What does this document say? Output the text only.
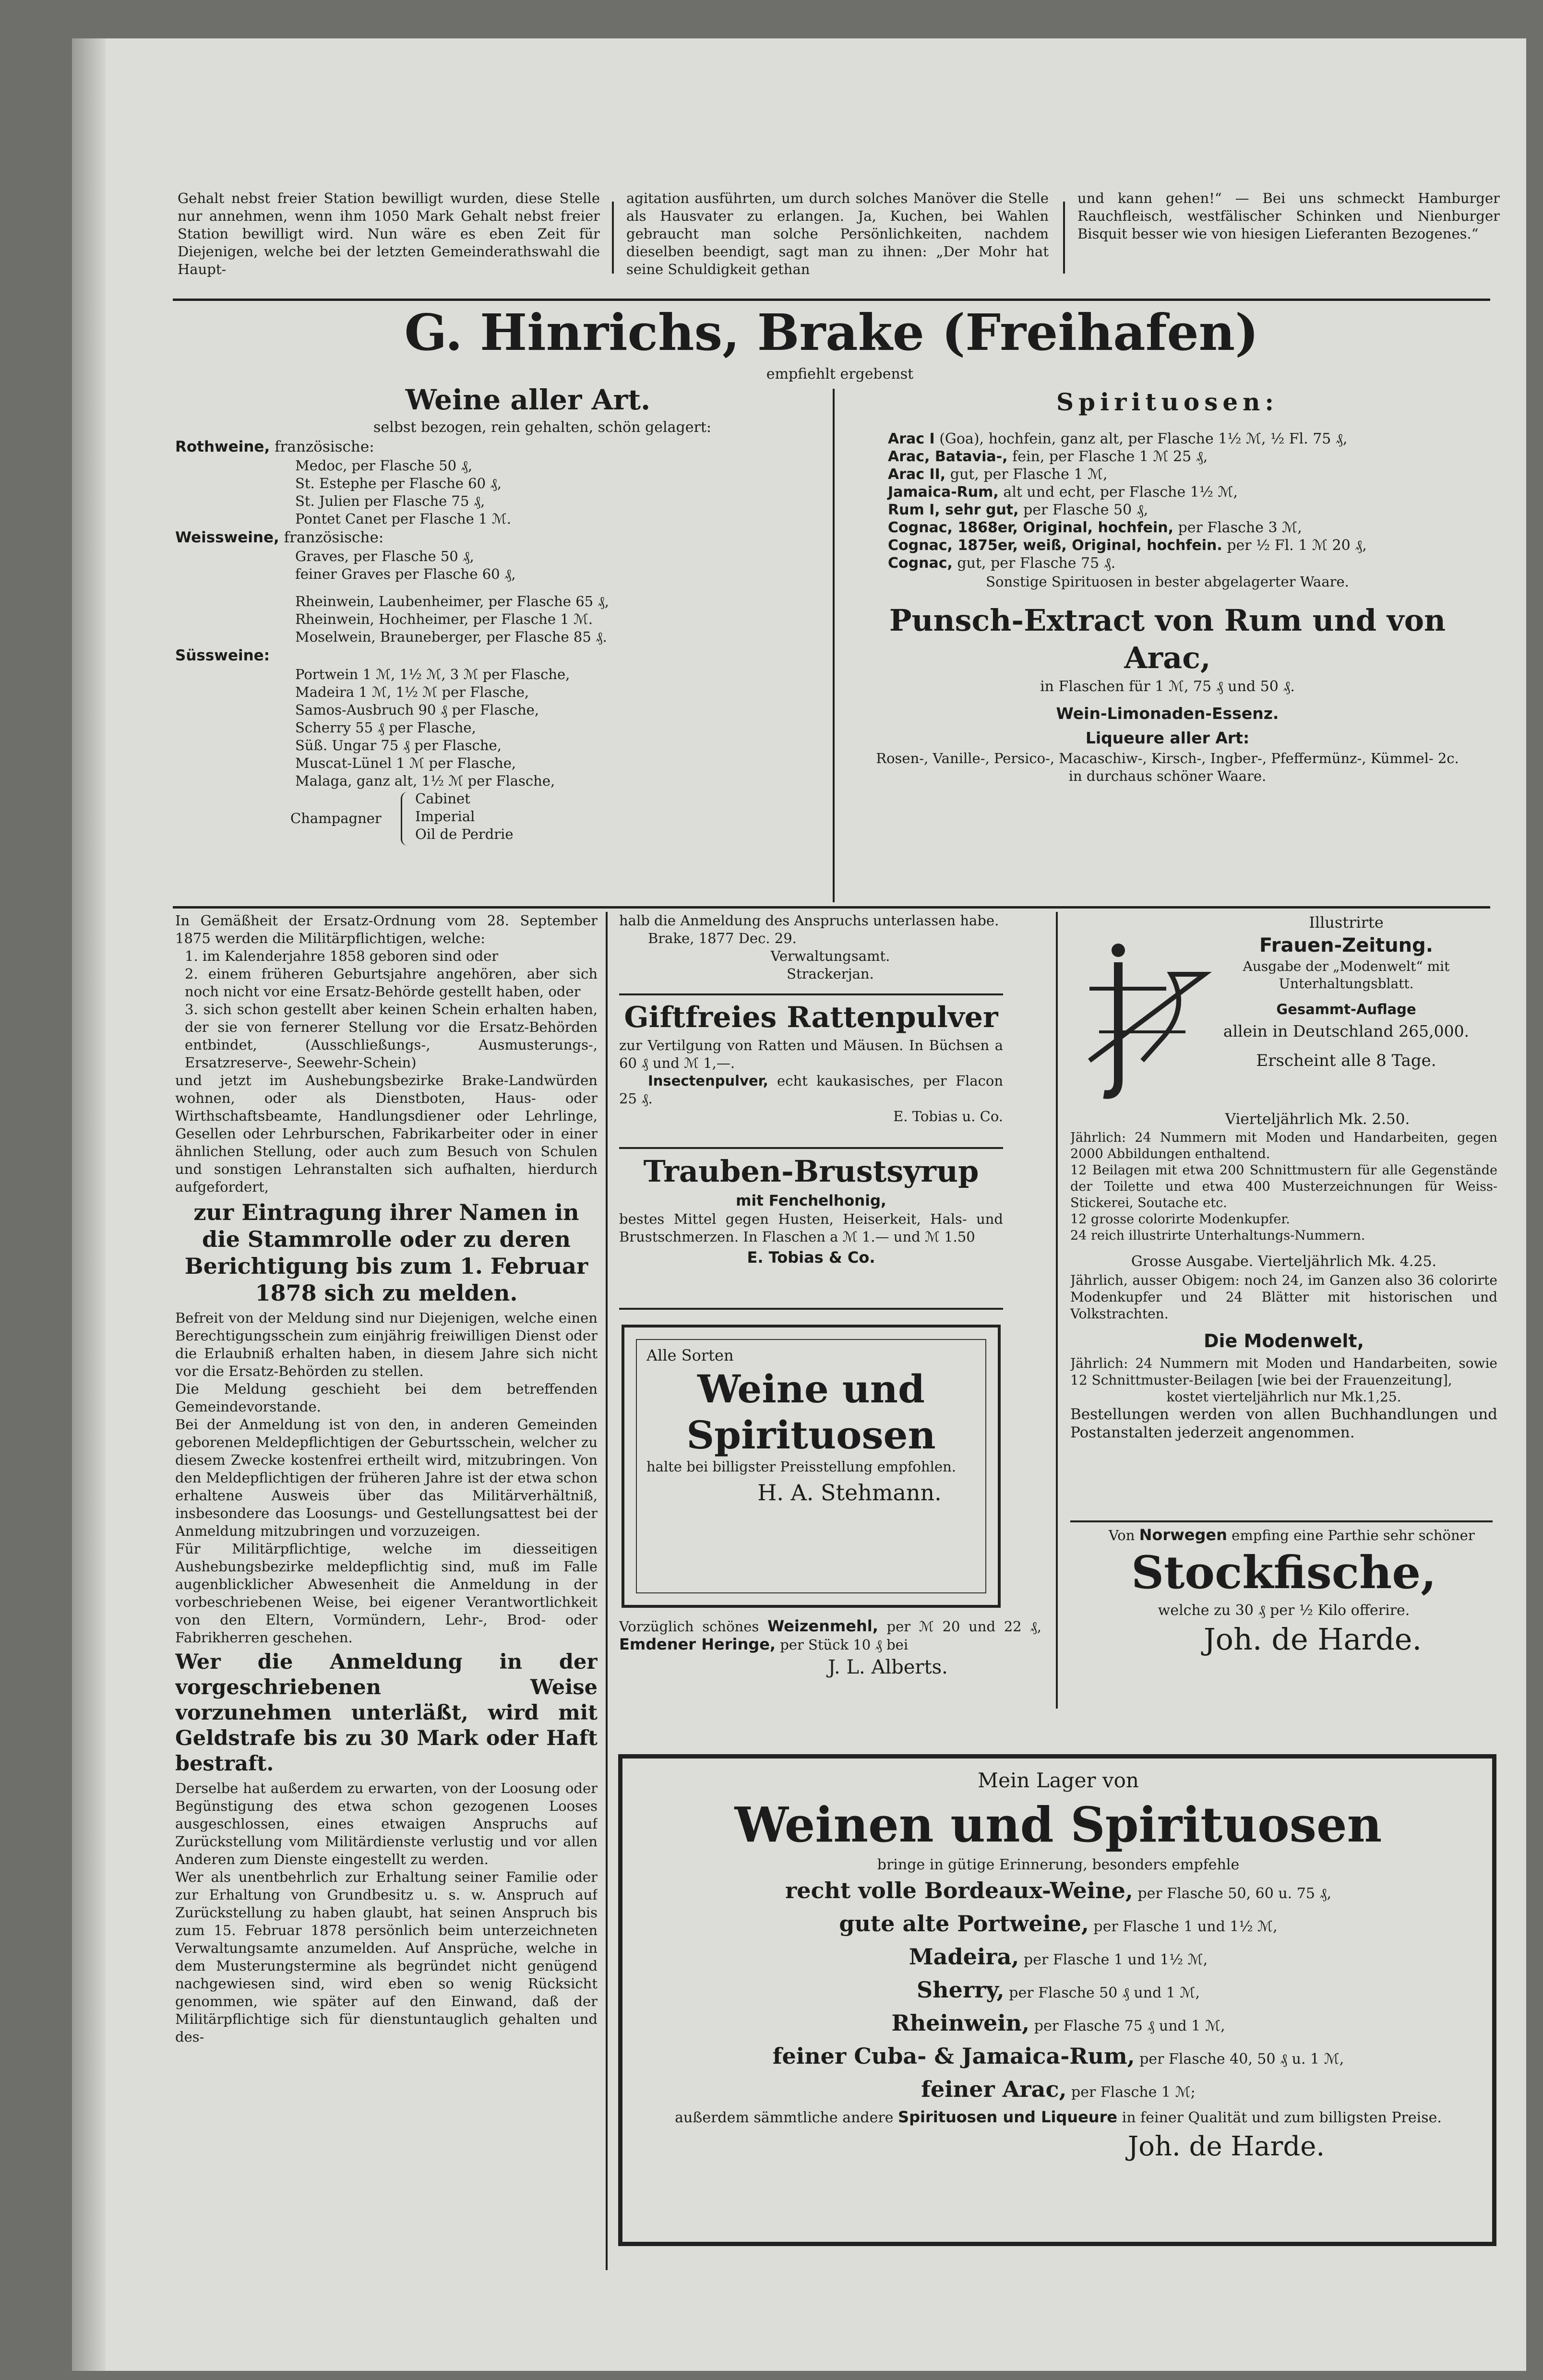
Gehalt nebst freier Station bewilligt wurden, diese Stelle nur annehmen, wenn ihm 1050 Mark Gehalt nebst freier Station bewilligt wird. Nun wäre es eben Zeit für Diejenigen, welche bei der letzten Gemeinderathswahl die Haupt-

agitation ausführten, um durch solches Manöver die Stelle als Hausvater zu erlangen. Ja, Kuchen, bei Wahlen gebraucht man solche Persönlichkeiten, nachdem dieselben beendigt, sagt man zu ihnen: „Der Mohr hat seine Schuldigkeit gethan

und kann gehen!“ — Bei uns schmeckt Hamburger Rauchfleisch, westfälischer Schinken und Nienburger Bisquit besser wie von hiesigen Lieferanten Bezogenes.“

G. Hinrichs, Brake (Freihafen)

empfiehlt ergebenst

Weine aller Art.

selbst bezogen, rein gehalten, schön gelagert:

Rothweine, französische:

Medoc, per Flasche 50 ₰,

St. Estephe per Flasche 60 ₰,

St. Julien per Flasche 75 ₰,

Pontet Canet per Flasche 1 ℳ.

Weissweine, französische:

Graves, per Flasche 50 ₰,

feiner Graves per Flasche 60 ₰,

Rheinwein, Laubenheimer, per Flasche 65 ₰,

Rheinwein, Hochheimer, per Flasche 1 ℳ.

Moselwein, Brauneberger, per Flasche 85 ₰.

Süssweine:

Portwein 1 ℳ, 1½ ℳ, 3 ℳ per Flasche,

Madeira 1 ℳ, 1½ ℳ per Flasche,

Samos-Ausbruch 90 ₰ per Flasche,

Scherry 55 ₰ per Flasche,

Süß. Ungar 75 ₰ per Flasche,

Muscat-Lünel 1 ℳ per Flasche,

Malaga, ganz alt, 1½ ℳ per Flasche,

Champagner

Cabinet

Imperial

Oil de Perdrie

Spirituosen:

Arac I (Goa), hochfein, ganz alt, per Flasche 1½ ℳ, ½ Fl. 75 ₰,

Arac, Batavia-, fein, per Flasche 1 ℳ 25 ₰,

Arac II, gut, per Flasche 1 ℳ,

Jamaica-Rum, alt und echt, per Flasche 1½ ℳ,

Rum I, sehr gut, per Flasche 50 ₰,

Cognac, 1868er, Original, hochfein, per Flasche 3 ℳ,

Cognac, 1875er, weiß, Original, hochfein. per ½ Fl. 1 ℳ 20 ₰,

Cognac, gut, per Flasche 75 ₰.

Sonstige Spirituosen in bester abgelagerter Waare.

Punsch-Extract von Rum und von Arac,

in Flaschen für 1 ℳ, 75 ₰ und 50 ₰.

Wein-Limonaden-Essenz.

Liqueure aller Art:

Rosen-, Vanille-, Persico-, Macaschiw-, Kirsch-, Ingber-, Pfeffermünz-, Kümmel- 2c.

in durchaus schöner Waare.

In Gemäßheit der Ersatz-Ordnung vom 28. September 1875 werden die Militärpflichtigen, welche:

1. im Kalenderjahre 1858 geboren sind oder

2. einem früheren Geburtsjahre angehören, aber sich noch nicht vor eine Ersatz-Behörde gestellt haben, oder

3. sich schon gestellt aber keinen Schein erhalten haben, der sie von fernerer Stellung vor die Ersatz-Behörden entbindet, (Ausschließungs-, Ausmusterungs-, Ersatzreserve-, Seewehr-Schein)

und jetzt im Aushebungsbezirke Brake-Landwürden wohnen, oder als Dienstboten, Haus- oder Wirthschaftsbeamte, Handlungsdiener oder Lehrlinge, Gesellen oder Lehrburschen, Fabrikarbeiter oder in einer ähnlichen Stellung, oder auch zum Besuch von Schulen und sonstigen Lehranstalten sich aufhalten, hierdurch aufgefordert,

zur Eintragung ihrer Namen in die Stammrolle oder zu deren Berichtigung bis zum 1. Februar 1878 sich zu melden.

Befreit von der Meldung sind nur Diejenigen, welche einen Berechtigungsschein zum einjährig freiwilligen Dienst oder die Erlaubniß erhalten haben, in diesem Jahre sich nicht vor die Ersatz-Behörden zu stellen.

Die Meldung geschieht bei dem betreffenden Gemeindevorstande.

Bei der Anmeldung ist von den, in anderen Gemeinden geborenen Meldepflichtigen der Geburtsschein, welcher zu diesem Zwecke kostenfrei ertheilt wird, mitzubringen. Von den Meldepflichtigen der früheren Jahre ist der etwa schon erhaltene Ausweis über das Militärverhältniß, insbesondere das Loosungs- und Gestellungsattest bei der Anmeldung mitzubringen und vorzuzeigen.

Für Militärpflichtige, welche im diesseitigen Aushebungsbezirke meldepflichtig sind, muß im Falle augenblicklicher Abwesenheit die Anmeldung in der vorbeschriebenen Weise, bei eigener Verantwortlichkeit von den Eltern, Vormündern, Lehr-, Brod- oder Fabrikherren geschehen.

Wer die Anmeldung in der vorgeschriebenen Weise vorzunehmen unterläßt, wird mit Geldstrafe bis zu 30 Mark oder Haft bestraft.

Derselbe hat außerdem zu erwarten, von der Loosung oder Begünstigung des etwa schon gezogenen Looses ausgeschlossen, eines etwaigen Anspruchs auf Zurückstellung vom Militärdienste verlustig und vor allen Anderen zum Dienste eingestellt zu werden.

Wer als unentbehrlich zur Erhaltung seiner Familie oder zur Erhaltung von Grundbesitz u. s. w. Anspruch auf Zurückstellung zu haben glaubt, hat seinen Anspruch bis zum 15. Februar 1878 persönlich beim unterzeichneten Verwaltungsamte anzumelden. Auf Ansprüche, welche in dem Musterungstermine als begründet nicht genügend nachgewiesen sind, wird eben so wenig Rücksicht genommen, wie später auf den Einwand, daß der Militärpflichtige sich für dienstuntauglich gehalten und des-

halb die Anmeldung des Anspruchs unterlassen habe.

Brake, 1877 Dec. 29.

Verwaltungsamt.

Strackerjan.

Giftfreies Rattenpulver

zur Vertilgung von Ratten und Mäusen. In Büchsen a 60 ₰ und ℳ 1,—.

Insectenpulver, echt kaukasisches, per Flacon 25 ₰.

E. Tobias u. Co.

Trauben-Brustsyrup

mit Fenchelhonig,

bestes Mittel gegen Husten, Heiserkeit, Hals- und Brustschmerzen. In Flaschen a ℳ 1.— und ℳ 1.50

E. Tobias & Co.

Alle Sorten

Weine und Spirituosen

halte bei billigster Preisstellung empfohlen.

H. A. Stehmann.

Vorzüglich schönes Weizenmehl, per ℳ 20 und 22 ₰, Emdener Heringe, per Stück 10 ₰ bei

J. L. Alberts.

Illustrirte

Frauen-Zeitung.

Ausgabe der „Modenwelt“ mit Unterhaltungsblatt.

Gesammt-Auflage

allein in Deutschland 265,000.

Erscheint alle 8 Tage.

Vierteljährlich Mk. 2.50.

Jährlich: 24 Nummern mit Moden und Handarbeiten, gegen 2000 Abbildungen enthaltend.

12 Beilagen mit etwa 200 Schnittmustern für alle Gegenstände der Toilette und etwa 400 Musterzeichnungen für Weiss-Stickerei, Soutache etc.

12 grosse colorirte Modenkupfer.

24 reich illustrirte Unterhaltungs-Nummern.

Grosse Ausgabe. Vierteljährlich Mk. 4.25.

Jährlich, ausser Obigem: noch 24, im Ganzen also 36 colorirte Modenkupfer und 24 Blätter mit historischen und Volkstrachten.

Die Modenwelt,

Jährlich: 24 Nummern mit Moden und Handarbeiten, sowie 12 Schnittmuster-Beilagen [wie bei der Frauenzeitung],

kostet vierteljährlich nur Mk.1,25.

Bestellungen werden von allen Buchhandlungen und Postanstalten jederzeit angenommen.

Von Norwegen empfing eine Parthie sehr schöner

Stockfische,

welche zu 30 ₰ per ½ Kilo offerire.

Joh. de Harde.

Mein Lager von

Weinen und Spirituosen

bringe in gütige Erinnerung, besonders empfehle

recht volle Bordeaux-Weine, per Flasche 50, 60 u. 75 ₰,

gute alte Portweine, per Flasche 1 und 1½ ℳ,

Madeira, per Flasche 1 und 1½ ℳ,

Sherry, per Flasche 50 ₰ und 1 ℳ,

Rheinwein, per Flasche 75 ₰ und 1 ℳ,

feiner Cuba- & Jamaica-Rum, per Flasche 40, 50 ₰ u. 1 ℳ,

feiner Arac, per Flasche 1 ℳ;

außerdem sämmtliche andere Spirituosen und Liqueure in feiner Qualität und zum billigsten Preise.

Joh. de Harde.
